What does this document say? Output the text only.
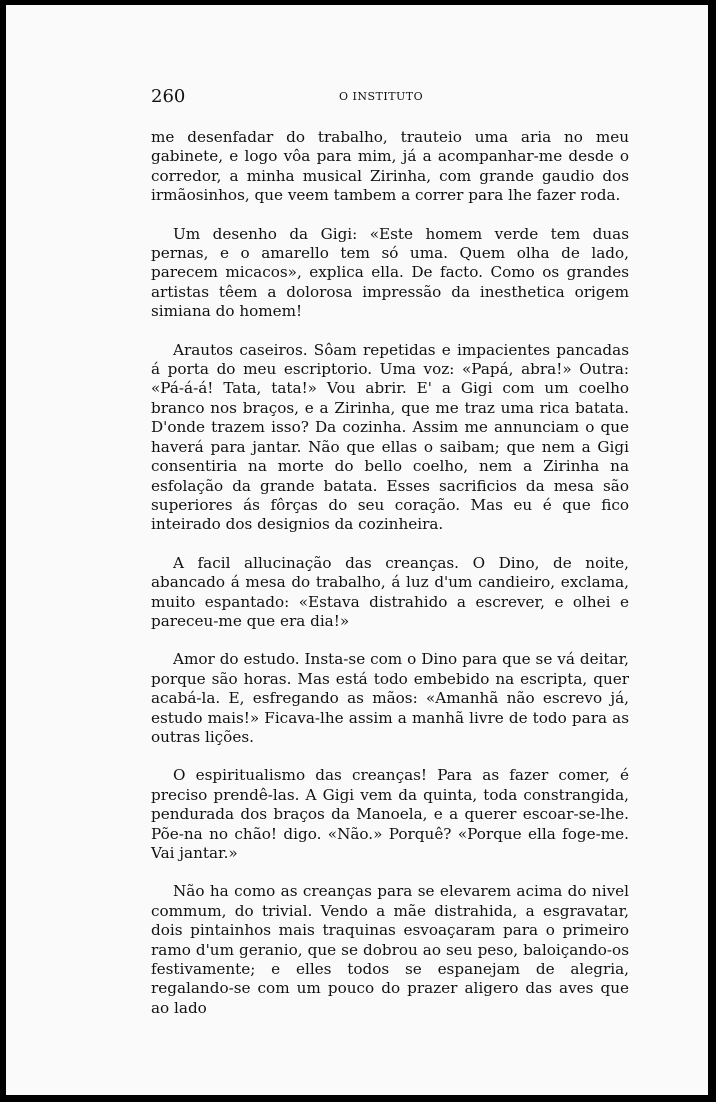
260	O INSTITUTO

me desenfadar do trabalho, trauteio uma aria no meu gabinete, e logo vôa para mim, já a acompanhar-me desde o corredor, a minha musical Zirinha, com grande gaudio dos irmãosinhos, que veem tambem a correr para lhe fazer roda.

Um desenho da Gigi: «Este homem verde tem duas pernas, e o amarello tem só uma. Quem olha de lado, parecem micacos», explica ella. De facto. Como os grandes artistas têem a dolorosa impressão da inesthetica origem simiana do homem!

Arautos caseiros. Sôam repetidas e impacientes pancadas á porta do meu escriptorio. Uma voz: «Papá, abra!» Outra: «Pá-á-á! Tata, tata!» Vou abrir. E' a Gigi com um coelho branco nos braços, e a Zirinha, que me traz uma rica batata. D'onde trazem isso? Da cozinha. Assim me annunciam o que haverá para jantar. Não que ellas o saibam; que nem a Gigi consentiria na morte do bello coelho, nem a Zirinha na esfolação da grande batata. Esses sacrificios da mesa são superiores ás fôrças do seu coração. Mas eu é que fico inteirado dos designios da cozinheira.

A facil allucinação das creanças. O Dino, de noite, abancado á mesa do trabalho, á luz d'um candieiro, exclama, muito espantado: «Estava distrahido a escrever, e olhei e pareceu-me que era dia!»

Amor do estudo. Insta-se com o Dino para que se vá deitar, porque são horas. Mas está todo embebido na escripta, quer acabá-la. E, esfregando as mãos: «Amanhã não escrevo já, estudo mais!» Ficava-lhe assim a manhã livre de todo para as outras lições.

O espiritualismo das creanças! Para as fazer comer, é preciso prendê-las. A Gigi vem da quinta, toda constrangida, pendurada dos braços da Manoela, e a querer escoar-se-lhe. Põe-na no chão! digo. «Não.» Porquê? «Porque ella foge-me. Vai jantar.»

Não ha como as creanças para se elevarem acima do nivel commum, do trivial. Vendo a mãe distrahida, a esgravatar, dois pintainhos mais traquinas esvoaçaram para o primeiro ramo d'um geranio, que se dobrou ao seu peso, baloiçando-os festivamente; e elles todos se espanejam de alegria, regalando-se com um pouco do prazer aligero das aves que ao lado
